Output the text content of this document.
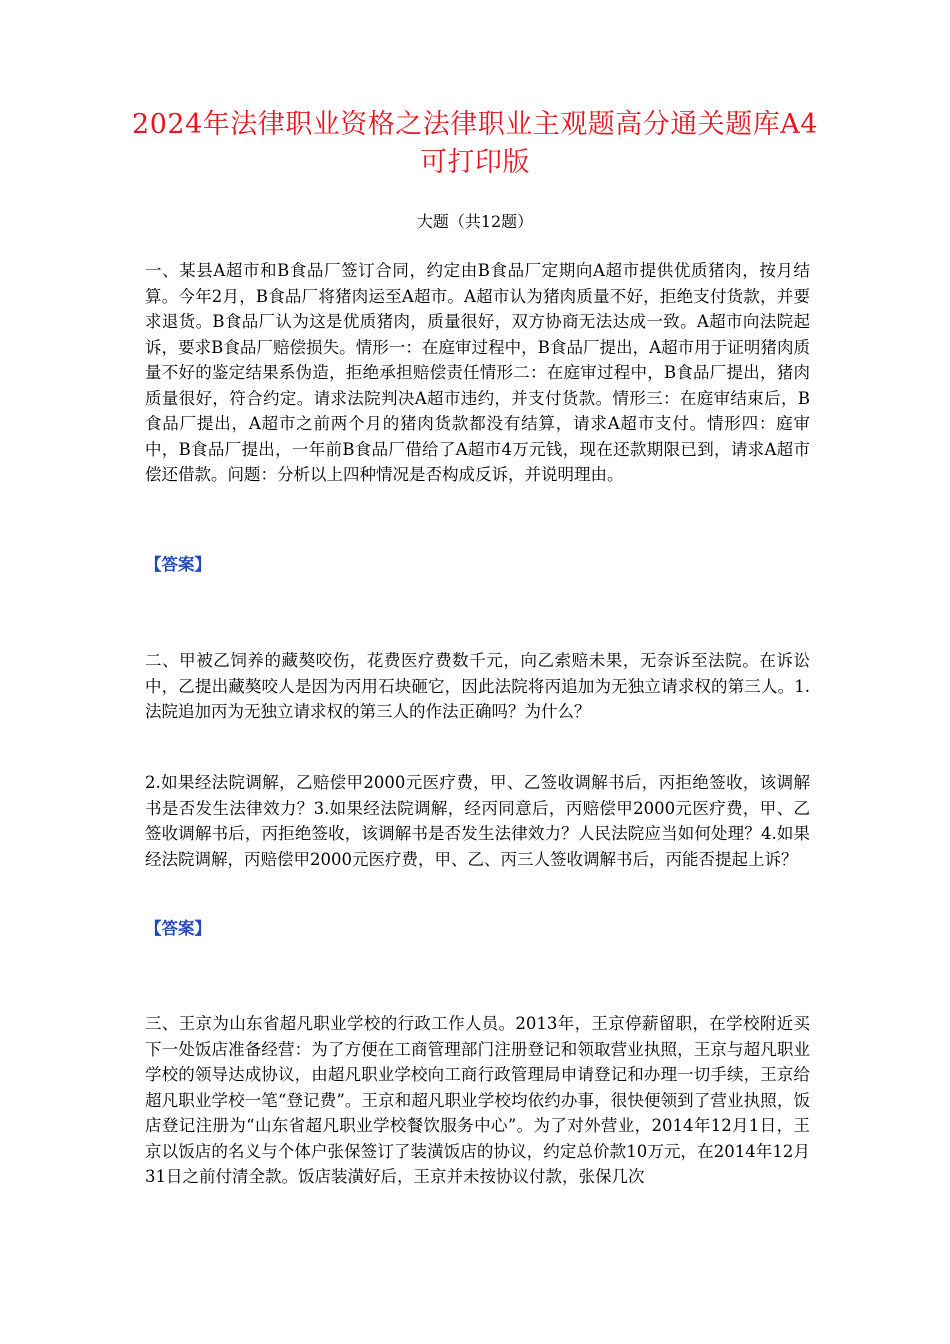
2024年法律职业资格之法律职业主观题高分通关题库A4可打印版
大题（共12题）

一、某县A超市和B食品厂签订合同，约定由B食品厂定期向A超市提供优质猪肉，按月结算。今年2月，B食品厂将猪肉运至A超市。A超市认为猪肉质量不好，拒绝支付货款，并要求退货。B食品厂认为这是优质猪肉，质量很好，双方协商无法达成一致。A超市向法院起诉，要求B食品厂赔偿损失。情形一：在庭审过程中，B食品厂提出，A超市用于证明猪肉质量不好的鉴定结果系伪造，拒绝承担赔偿责任情形二：在庭审过程中，B食品厂提出，猪肉质量很好，符合约定。请求法院判决A超市违约，并支付货款。情形三：在庭审结束后，B食品厂提出，A超市之前两个月的猪肉货款都没有结算，请求A超市支付。情形四：庭审中，B食品厂提出，一年前B食品厂借给了A超市4万元钱，现在还款期限已到，请求A超市偿还借款。问题：分析以上四种情况是否构成反诉，并说明理由。

【答案】

二、甲被乙饲养的藏獒咬伤，花费医疗费数千元，向乙索赔未果，无奈诉至法院。在诉讼中，乙提出藏獒咬人是因为丙用石块砸它，因此法院将丙追加为无独立请求权的第三人。1.法院追加丙为无独立请求权的第三人的作法正确吗？为什么？

2.如果经法院调解，乙赔偿甲2000元医疗费，甲、乙签收调解书后，丙拒绝签收，该调解书是否发生法律效力？3.如果经法院调解，经丙同意后，丙赔偿甲2000元医疗费，甲、乙签收调解书后，丙拒绝签收，该调解书是否发生法律效力？人民法院应当如何处理？4.如果经法院调解，丙赔偿甲2000元医疗费，甲、乙、丙三人签收调解书后，丙能否提起上诉？

【答案】

三、王京为山东省超凡职业学校的行政工作人员。2013年，王京停薪留职，在学校附近买下一处饭店准备经营：为了方便在工商管理部门注册登记和领取营业执照，王京与超凡职业学校的领导达成协议，由超凡职业学校向工商行政管理局申请登记和办理一切手续，王京给超凡职业学校一笔“登记费”。王京和超凡职业学校均依约办事，很快便领到了营业执照，饭店登记注册为“山东省超凡职业学校餐饮服务中心”。为了对外营业，2014年12月1日，王京以饭店的名义与个体户张保签订了装潢饭店的协议，约定总价款10万元，在2014年12月31日之前付清全款。饭店装潢好后，王京并未按协议付款，张保几次
